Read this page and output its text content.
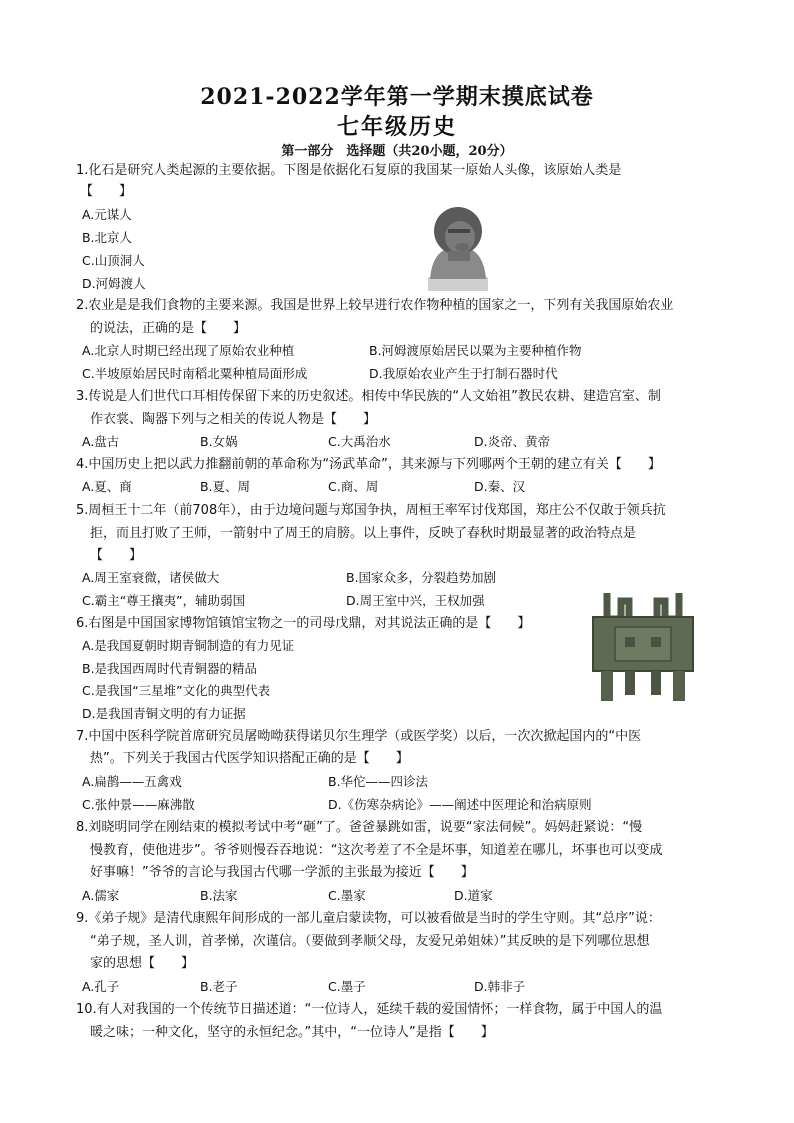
2021-2022学年第一学期末摸底试卷
七年级历史
第一部分　选择题（共20小题，20分）
1.化石是研究人类起源的主要依据。下图是依据化石复原的我国某一原始人头像，该原始人类是
【　　】
A.元谋人
B.北京人
C.山顶洞人
D.河姆渡人
2.农业是是我们食物的主要来源。我国是世界上较早进行农作物种植的国家之一，下列有关我国原始农业
的说法，正确的是【　　】
A.北京人时期已经出现了原始农业种植	B.河姆渡原始居民以粟为主要种植作物
C.半坡原始居民时南稻北粟种植局面形成	D.我原始农业产生于打制石器时代
3.传说是人们世代口耳相传保留下来的历史叙述。相传中华民族的“人文始祖”教民农耕、建造宫室、制
作衣裳、陶器下列与之相关的传说人物是【　　】
A.盘古	B.女娲	C.大禹治水	D.炎帝、黄帝
4.中国历史上把以武力推翻前朝的革命称为“汤武革命”，其来源与下列哪两个王朝的建立有关【　　】
A.夏、商	B.夏、周	C.商、周	D.秦、汉
5.周桓王十二年（前708年），由于边境问题与郑国争执，周桓王率军讨伐郑国，郑庄公不仅敢于领兵抗
拒，而且打败了王师，一箭射中了周王的肩膀。以上事件，反映了春秋时期最显著的政治特点是
【　　】
A.周王室衰微，诸侯做大	B.国家众多，分裂趋势加剧
C.霸主“尊王攘夷”，辅助弱国	D.周王室中兴，王权加强
6.右图是中国国家博物馆镇馆宝物之一的司母戊鼎，对其说法正确的是【　　】
A.是我国夏朝时期青铜制造的有力见证
B.是我国西周时代青铜器的精品
C.是我国“三星堆”文化的典型代表
D.是我国青铜文明的有力证据
7.中国中医科学院首席研究员屠呦呦获得诺贝尔生理学（或医学奖）以后，一次次掀起国内的“中医
热”。下列关于我国古代医学知识搭配正确的是【　　】
A.扁鹊——五禽戏	B.华佗——四诊法
C.张仲景——麻沸散	D.《伤寒杂病论》——阐述中医理论和治病原则
8.刘晓明同学在刚结束的模拟考试中考“砸”了。爸爸暴跳如雷，说要“家法伺候”。妈妈赶紧说：“慢
慢教育，使他进步”。爷爷则慢吞吞地说：“这次考差了不全是坏事，知道差在哪儿，坏事也可以变成
好事嘛！”爷爷的言论与我国古代哪一学派的主张最为接近【　　】
A.儒家	B.法家	C.墨家	D.道家
9.《弟子规》是清代康熙年间形成的一部儿童启蒙读物，可以被看做是当时的学生守则。其“总序”说：
“弟子规，圣人训，首孝悌，次谨信。（要做到孝顺父母，友爱兄弟姐妹）”其反映的是下列哪位思想
家的思想【　　】
A.孔子	B.老子	C.墨子	D.韩非子
10.有人对我国的一个传统节日描述道：“一位诗人，延续千载的爱国情怀；一样食物，属于中国人的温
暖之味；一种文化，坚守的永恒纪念。”其中，“一位诗人”是指【　　】
